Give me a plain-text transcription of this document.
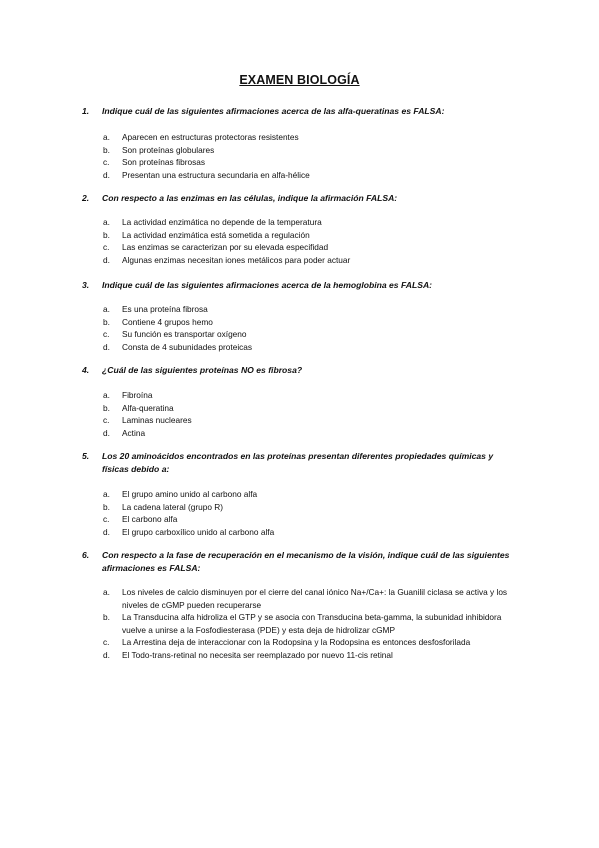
EXAMEN BIOLOGÍA
1. Indique cuál de las siguientes afirmaciones acerca de las alfa-queratinas es FALSA:
a. Aparecen en estructuras protectoras resistentes
b. Son proteínas globulares
c. Son proteínas fibrosas
d. Presentan una estructura secundaria en alfa-hélice
2. Con respecto a las enzimas en las células, indique la afirmación FALSA:
a. La actividad enzimática no depende de la temperatura
b. La actividad enzimática está sometida a regulación
c. Las enzimas se caracterizan por su elevada especifidad
d. Algunas enzimas necesitan iones metálicos para poder actuar
3. Indique cuál de las siguientes afirmaciones acerca de la hemoglobina es FALSA:
a. Es una proteína fibrosa
b. Contiene 4 grupos hemo
c. Su función es transportar oxígeno
d. Consta de 4 subunidades proteicas
4. ¿Cuál de las siguientes proteínas NO es fibrosa?
a. Fibroína
b. Alfa-queratina
c. Laminas nucleares
d. Actina
5. Los 20 aminoácidos encontrados en las proteínas presentan diferentes propiedades químicas y físicas debido a:
a. El grupo amino unido al carbono alfa
b. La cadena lateral (grupo R)
c. El carbono alfa
d. El grupo carboxílico unido al carbono alfa
6. Con respecto a la fase de recuperación en el mecanismo de la visión, indique cuál de las siguientes afirmaciones es FALSA:
a. Los niveles de calcio disminuyen por el cierre del canal iónico Na+/Ca+: la Guanilil ciclasa se activa y los niveles de cGMP pueden recuperarse
b. La Transducina alfa hidroliza el GTP y se asocia con Transducina beta-gamma, la subunidad inhibidora vuelve a unirse a la Fosfodiesterasa (PDE) y esta deja de hidrolizar cGMP
c. La Arrestina deja de interaccionar con la Rodopsina y la Rodopsina es entonces desfosforilada
d. El Todo-trans-retinal no necesita ser reemplazado por nuevo 11-cis retinal
